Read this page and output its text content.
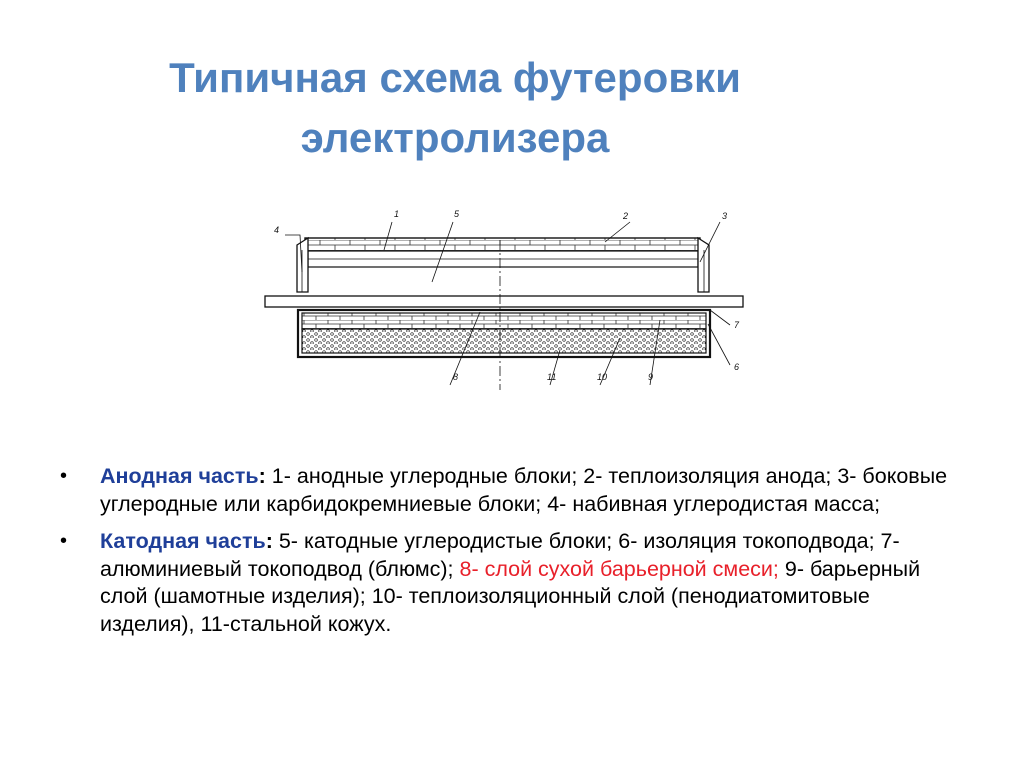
Типичная схема футеровки
электролизера
4
1	5	2	3
7
6
8	11	10	9
• Анодная часть: 1- анодные углеродные блоки; 2- теплоизоляция анода; 3- боковые углеродные или карбидокремниевые блоки; 4- набивная углеродистая масса;
• Катодная часть: 5- катодные углеродистые блоки; 6- изоляция токоподвода; 7- алюминиевый токоподвод (блюмс); 8- слой сухой барьерной смеси; 9- барьерный слой (шамотные изделия); 10- теплоизоляционный слой (пенодиатомитовые изделия), 11-стальной кожух.
